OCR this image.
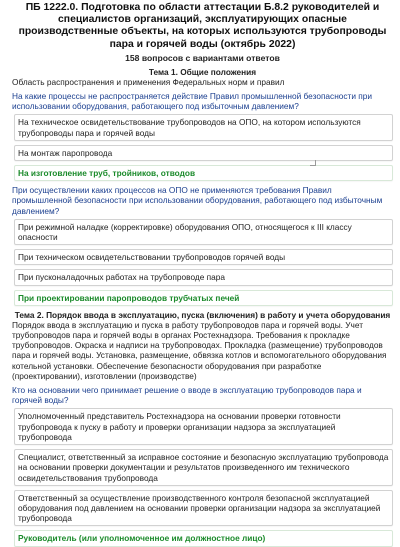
ПБ 1222.0. Подготовка по области аттестации Б.8.2 руководителей и специалистов организаций, эксплуатирующих опасные производственные объекты, на которых используются трубопроводы пара и горячей воды (октябрь 2022)
158 вопросов с вариантами ответов
Тема 1. Общие положения
Область распространения и применения Федеральных норм и правил
На какие процессы не распространяется действие Правил промышленной безопасности при использовании оборудования, работающего под избыточным давлением?
На техническое освидетельствование трубопроводов на ОПО, на котором используются трубопроводы пара и горячей воды
На монтаж паропровода
На изготовление труб, тройников, отводов
При осуществлении каких процессов на ОПО не применяются требования Правил промышленной безопасности при использовании оборудования, работающего под избыточным давлением?
При режимной наладке (корректировке) оборудования ОПО, относящегося к III классу опасности
При техническом освидетельствовании трубопроводов горячей воды
При пусконаладочных работах на трубопроводе пара
При проектировании паропроводов трубчатых печей
Тема 2. Порядок ввода в эксплуатацию, пуска (включения) в работу и учета оборудования
Порядок ввода в эксплуатацию и пуска в работу трубопроводов пара и горячей воды. Учет трубопроводов пара и горячей воды в органах Ростехнадзора. Требования к прокладке трубопроводов. Окраска и надписи на трубопроводах. Прокладка (размещение) трубопроводов пара и горячей воды. Установка, размещение, обвязка котлов и вспомогательного оборудования котельной установки. Обеспечение безопасности оборудования при разработке (проектировании), изготовлении (производстве)
Кто на основании чего принимает решение о вводе в эксплуатацию трубопроводов пара и горячей воды?
Уполномоченный представитель Ростехнадзора на основании проверки готовности трубопровода к пуску в работу и проверки организации надзора за эксплуатацией трубопровода
Специалист, ответственный за исправное состояние и безопасную эксплуатацию трубопровода на основании проверки документации и результатов произведенного им технического освидетельствования трубопровода
Ответственный за осуществление производственного контроля безопасной эксплуатацией оборудования под давлением на основании проверки организации надзора за эксплуатацией трубопровода
Руководитель (или уполномоченное им должностное лицо)
